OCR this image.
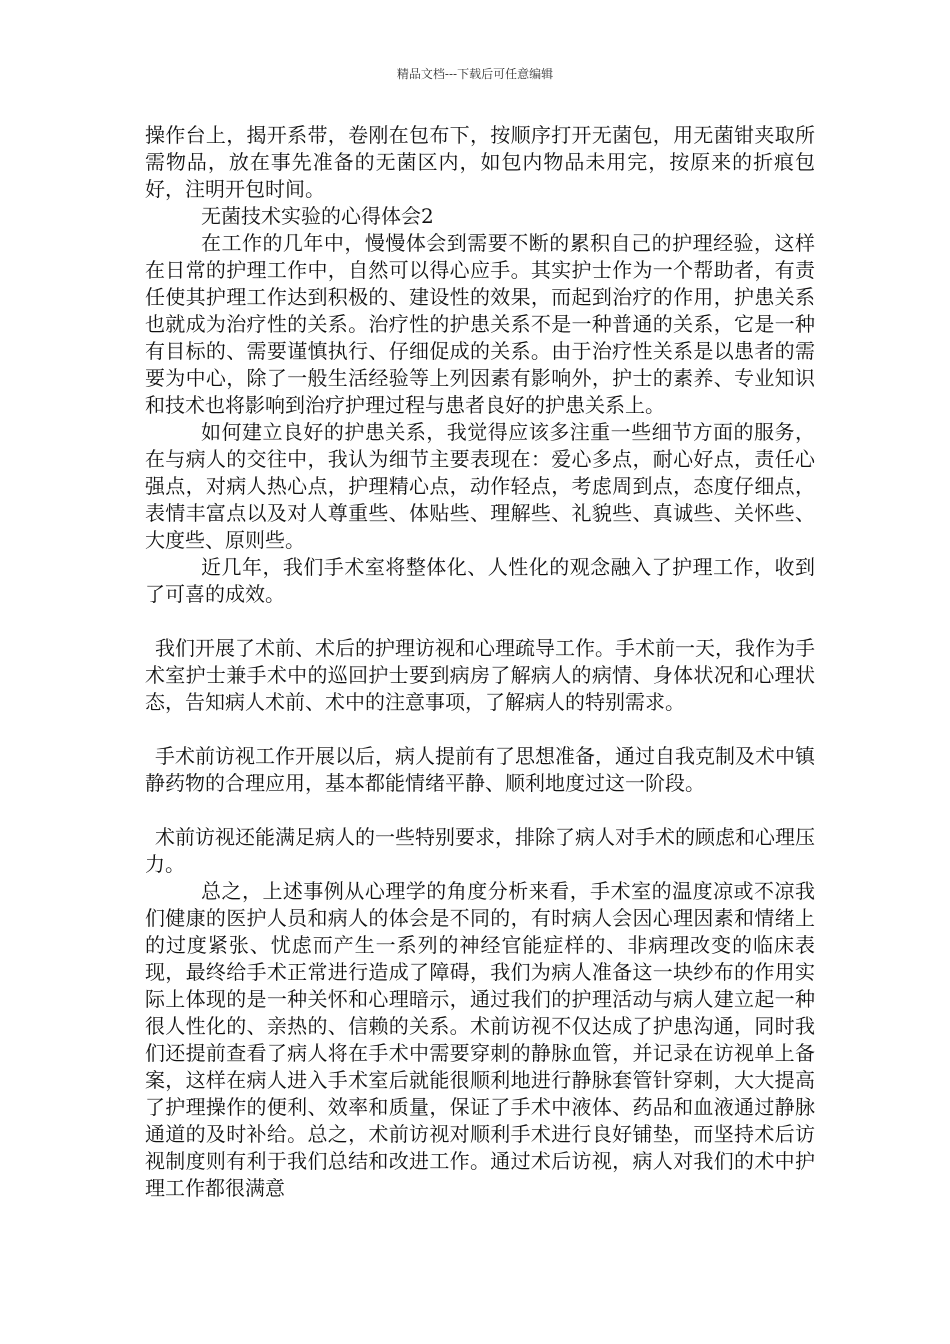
精品文档---下载后可任意编辑

操作台上，揭开系带，卷刚在包布下，按顺序打开无菌包，用无菌钳夹取所需物品，放在事先准备的无菌区内，如包内物品未用完，按原来的折痕包好，注明开包时间。

无菌技术实验的心得体会2

在工作的几年中，慢慢体会到需要不断的累积自己的护理经验，这样在日常的护理工作中，自然可以得心应手。其实护士作为一个帮助者，有责任使其护理工作达到积极的、建设性的效果，而起到治疗的作用，护患关系也就成为治疗性的关系。治疗性的护患关系不是一种普通的关系，它是一种有目标的、需要谨慎执行、仔细促成的关系。由于治疗性关系是以患者的需要为中心，除了一般生活经验等上列因素有影响外，护士的素养、专业知识和技术也将影响到治疗护理过程与患者良好的护患关系上。

如何建立良好的护患关系，我觉得应该多注重一些细节方面的服务，在与病人的交往中，我认为细节主要表现在：爱心多点，耐心好点，责任心强点，对病人热心点，护理精心点，动作轻点，考虑周到点，态度仔细点，表情丰富点以及对人尊重些、体贴些、理解些、礼貌些、真诚些、关怀些、大度些、原则些。

近几年，我们手术室将整体化、人性化的观念融入了护理工作，收到了可喜的成效。

我们开展了术前、术后的护理访视和心理疏导工作。手术前一天，我作为手术室护士兼手术中的巡回护士要到病房了解病人的病情、身体状况和心理状态，告知病人术前、术中的注意事项，了解病人的特别需求。

手术前访视工作开展以后，病人提前有了思想准备，通过自我克制及术中镇静药物的合理应用，基本都能情绪平静、顺利地度过这一阶段。

术前访视还能满足病人的一些特别要求，排除了病人对手术的顾虑和心理压力。

总之，上述事例从心理学的角度分析来看，手术室的温度凉或不凉我们健康的医护人员和病人的体会是不同的，有时病人会因心理因素和情绪上的过度紧张、忧虑而产生一系列的神经官能症样的、非病理改变的临床表现，最终给手术正常进行造成了障碍，我们为病人准备这一块纱布的作用实际上体现的是一种关怀和心理暗示，通过我们的护理活动与病人建立起一种很人性化的、亲热的、信赖的关系。术前访视不仅达成了护患沟通，同时我们还提前查看了病人将在手术中需要穿刺的静脉血管，并记录在访视单上备案，这样在病人进入手术室后就能很顺利地进行静脉套管针穿刺，大大提高了护理操作的便利、效率和质量，保证了手术中液体、药品和血液通过静脉通道的及时补给。总之，术前访视对顺利手术进行良好铺垫，而坚持术后访视制度则有利于我们总结和改进工作。通过术后访视，病人对我们的术中护理工作都很满意
